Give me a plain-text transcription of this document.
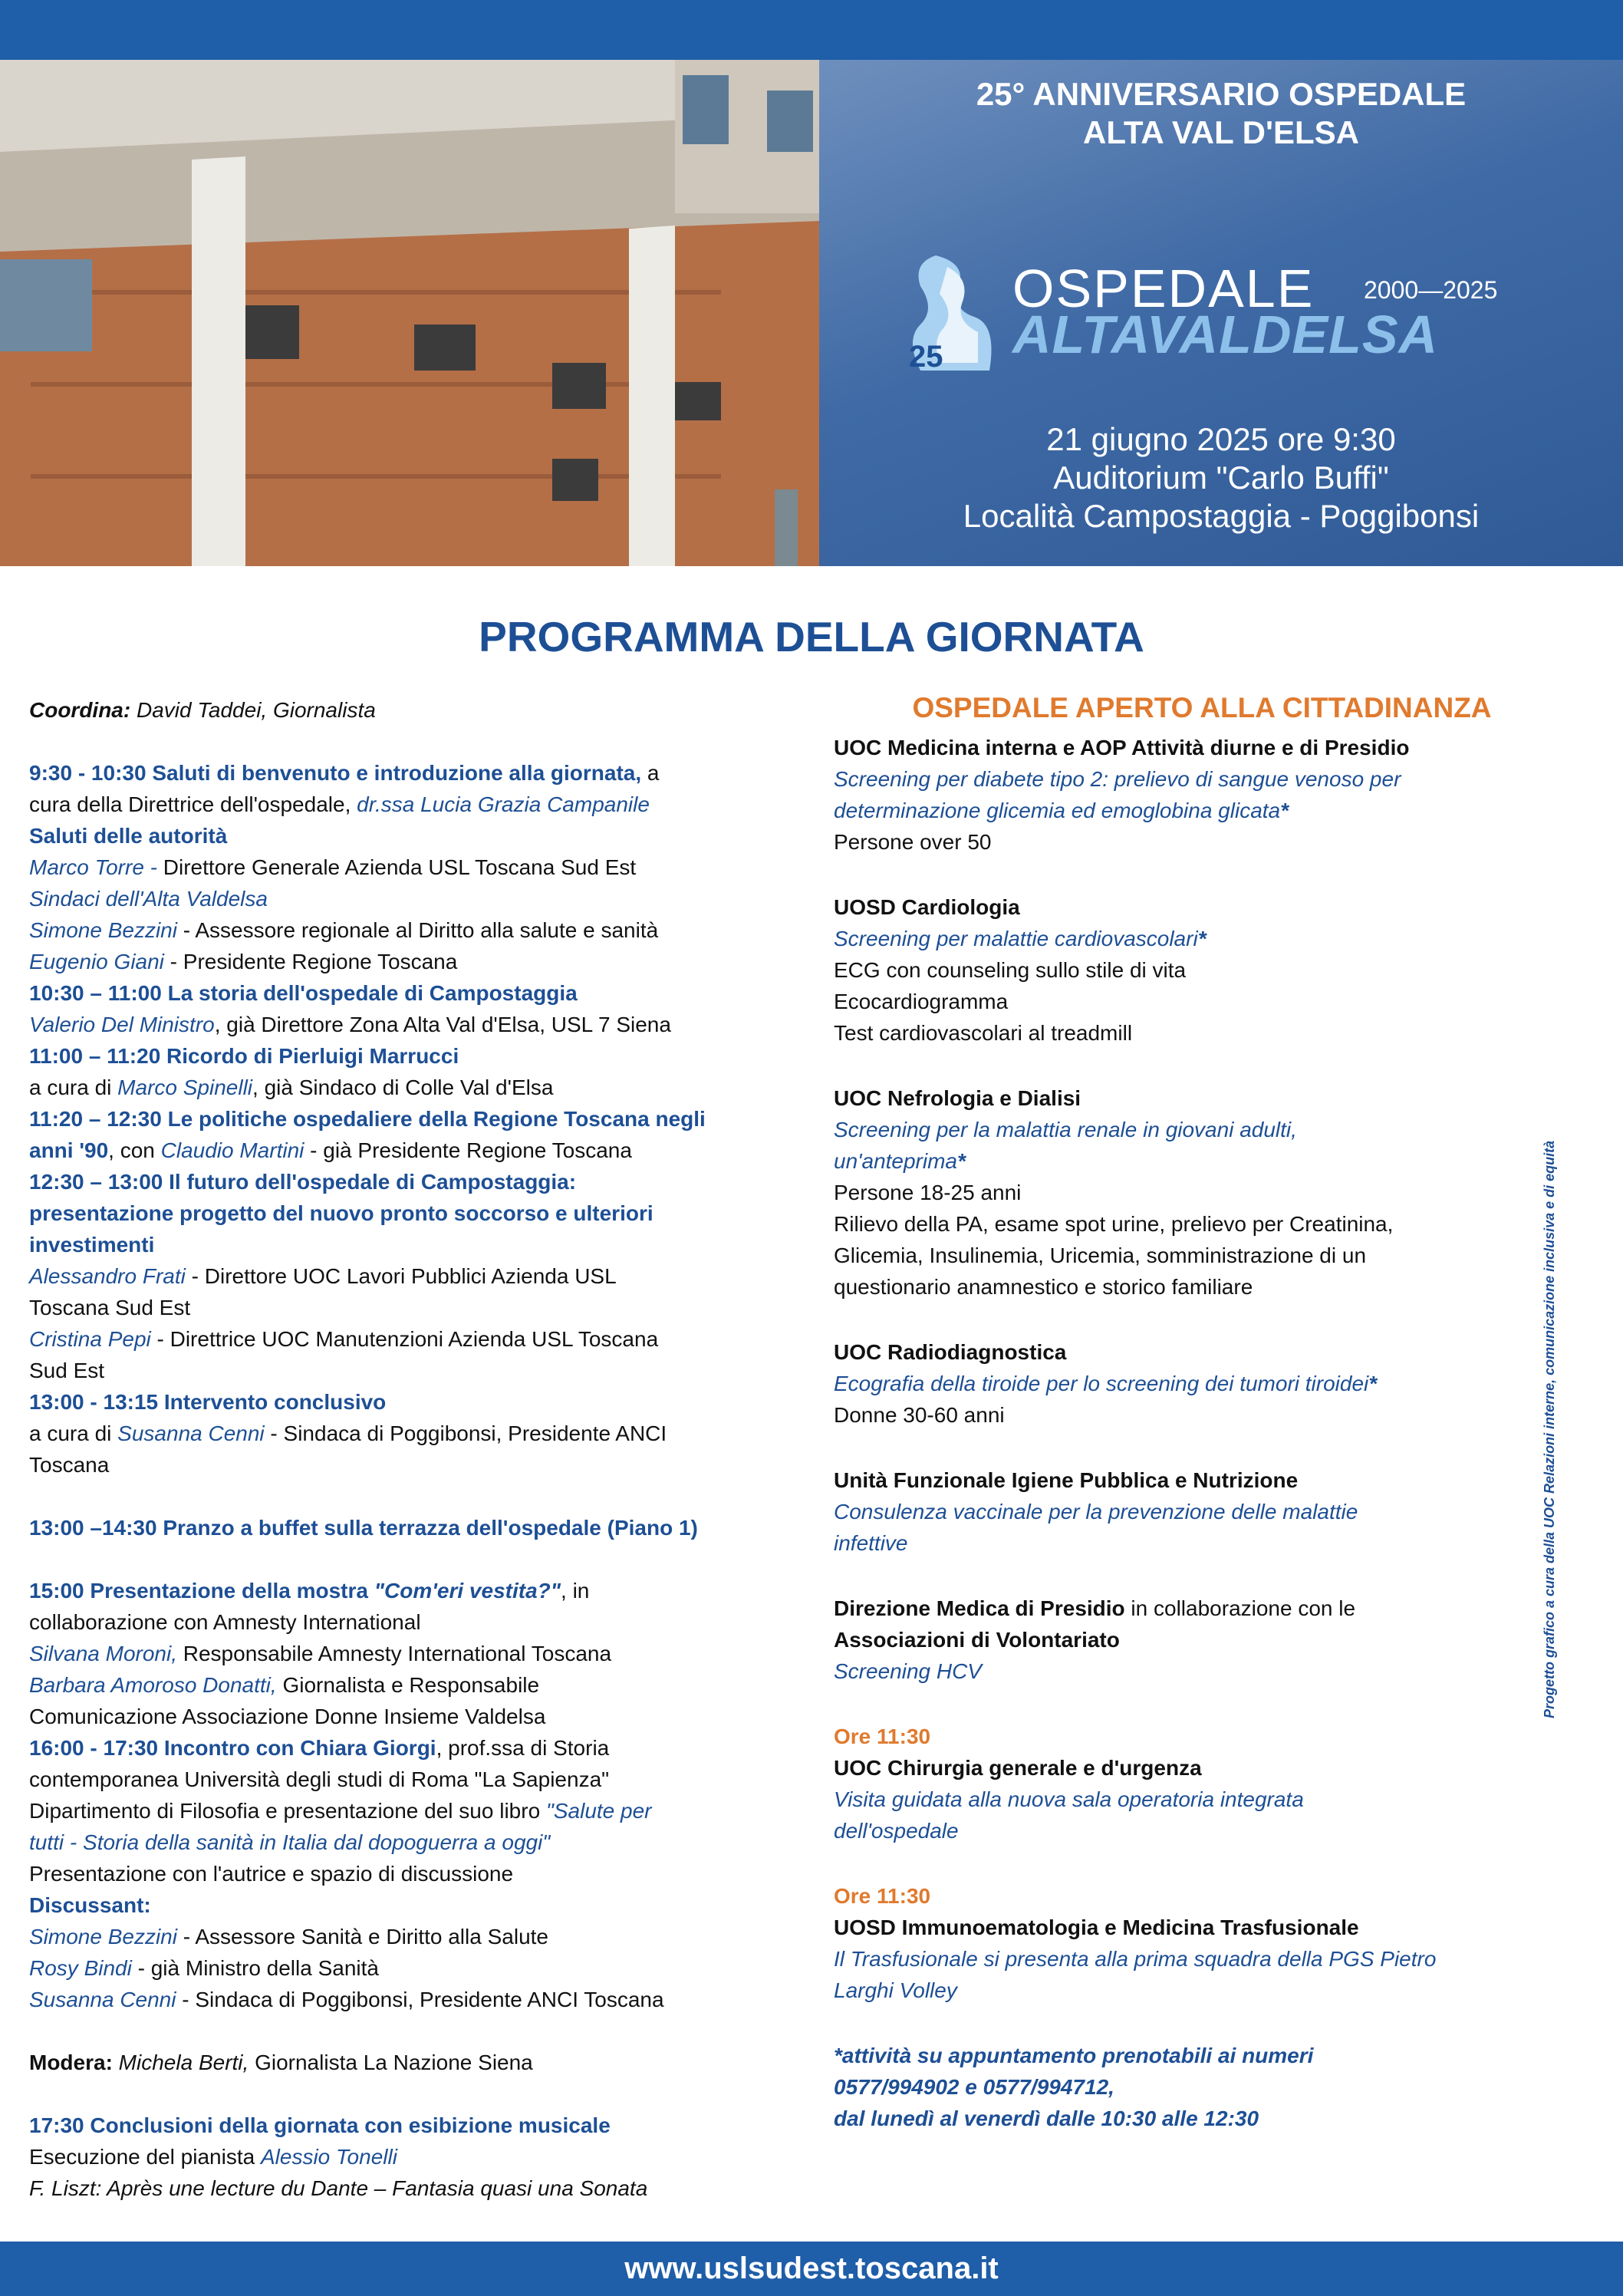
25° ANNIVERSARIO OSPEDALE
ALTA VAL D'ELSA
25
OSPEDALE 2000—2025
ALTAVALDELSA
21 giugno 2025 ore 9:30
Auditorium "Carlo Buffi"
Località Campostaggia - Poggibonsi
PROGRAMMA DELLA GIORNATA
Coordina: David Taddei, Giornalista
9:30 - 10:30 Saluti di benvenuto e introduzione alla giornata, a
cura della Direttrice dell'ospedale, dr.ssa Lucia Grazia Campanile
Saluti delle autorità
Marco Torre - Direttore Generale Azienda USL Toscana Sud Est
Sindaci dell'Alta Valdelsa
Simone Bezzini - Assessore regionale al Diritto alla salute e sanità
Eugenio Giani - Presidente Regione Toscana
10:30 – 11:00 La storia dell'ospedale di Campostaggia
Valerio Del Ministro, già Direttore Zona Alta Val d'Elsa, USL 7 Siena
11:00 – 11:20 Ricordo di Pierluigi Marrucci
a cura di Marco Spinelli, già Sindaco di Colle Val d'Elsa
11:20 – 12:30 Le politiche ospedaliere della Regione Toscana negli
anni '90, con Claudio Martini - già Presidente Regione Toscana
12:30 – 13:00 Il futuro dell'ospedale di Campostaggia:
presentazione progetto del nuovo pronto soccorso e ulteriori
investimenti
Alessandro Frati - Direttore UOC Lavori Pubblici Azienda USL
Toscana Sud Est
Cristina Pepi - Direttrice UOC Manutenzioni Azienda USL Toscana
Sud Est
13:00 - 13:15 Intervento conclusivo
a cura di Susanna Cenni - Sindaca di Poggibonsi, Presidente ANCI
Toscana
13:00 –14:30 Pranzo a buffet sulla terrazza dell'ospedale (Piano 1)
15:00 Presentazione della mostra "Com'eri vestita?", in
collaborazione con Amnesty International
Silvana Moroni, Responsabile Amnesty International Toscana
Barbara Amoroso Donatti, Giornalista e Responsabile
Comunicazione Associazione Donne Insieme Valdelsa
16:00 - 17:30 Incontro con Chiara Giorgi, prof.ssa di Storia
contemporanea Università degli studi di Roma "La Sapienza"
Dipartimento di Filosofia e presentazione del suo libro "Salute per
tutti - Storia della sanità in Italia dal dopoguerra a oggi"
Presentazione con l'autrice e spazio di discussione
Discussant:
Simone Bezzini - Assessore Sanità e Diritto alla Salute
Rosy Bindi - già Ministro della Sanità
Susanna Cenni - Sindaca di Poggibonsi, Presidente ANCI Toscana
Modera: Michela Berti, Giornalista La Nazione Siena
17:30 Conclusioni della giornata con esibizione musicale
Esecuzione del pianista Alessio Tonelli
F. Liszt: Après une lecture du Dante – Fantasia quasi una Sonata
OSPEDALE APERTO ALLA CITTADINANZA
UOC Medicina interna e AOP Attività diurne e di Presidio
Screening per diabete tipo 2: prelievo di sangue venoso per
determinazione glicemia ed emoglobina glicata*
Persone over 50
UOSD Cardiologia
Screening per malattie cardiovascolari*
ECG con counseling sullo stile di vita
Ecocardiogramma
Test cardiovascolari al treadmill
UOC Nefrologia e Dialisi
Screening per la malattia renale in giovani adulti,
un'anteprima*
Persone 18-25 anni
Rilievo della PA, esame spot urine, prelievo per Creatinina,
Glicemia, Insulinemia, Uricemia, somministrazione di un
questionario anamnestico e storico familiare
UOC Radiodiagnostica
Ecografia della tiroide per lo screening dei tumori tiroidei*
Donne 30-60 anni
Unità Funzionale Igiene Pubblica e Nutrizione
Consulenza vaccinale per la prevenzione delle malattie
infettive
Direzione Medica di Presidio in collaborazione con le
Associazioni di Volontariato
Screening HCV
Ore 11:30
UOC Chirurgia generale e d'urgenza
Visita guidata alla nuova sala operatoria integrata
dell'ospedale
Ore 11:30
UOSD Immunoematologia e Medicina Trasfusionale
Il Trasfusionale si presenta alla prima squadra della PGS Pietro
Larghi Volley
*attività su appuntamento prenotabili ai numeri
0577/994902 e 0577/994712,
dal lunedì al venerdì dalle 10:30 alle 12:30
Progetto grafico a cura della UOC Relazioni interne, comunicazione inclusiva e di equità
www.uslsudest.toscana.it
